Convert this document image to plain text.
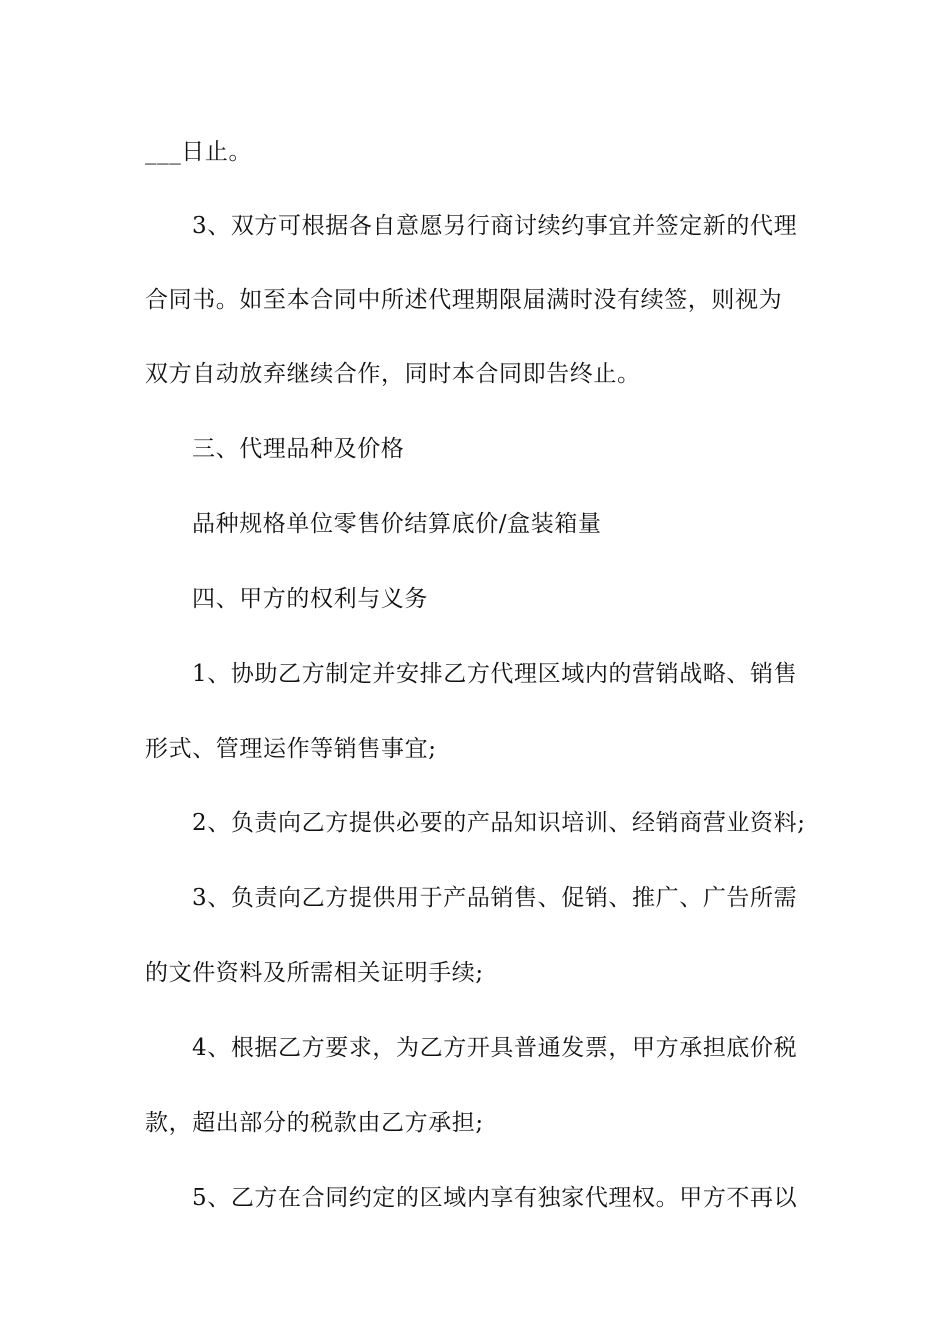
___日止。
3、双方可根据各自意愿另行商讨续约事宜并签定新的代理
合同书。如至本合同中所述代理期限届满时没有续签，则视为
双方自动放弃继续合作，同时本合同即告终止。
三、代理品种及价格
品种规格单位零售价结算底价/盒装箱量
四、甲方的权利与义务
1、协助乙方制定并安排乙方代理区域内的营销战略、销售
形式、管理运作等销售事宜;
2、负责向乙方提供必要的产品知识培训、经销商营业资料;
3、负责向乙方提供用于产品销售、促销、推广、广告所需
的文件资料及所需相关证明手续;
4、根据乙方要求，为乙方开具普通发票，甲方承担底价税
款，超出部分的税款由乙方承担;
5、乙方在合同约定的区域内享有独家代理权。甲方不再以
